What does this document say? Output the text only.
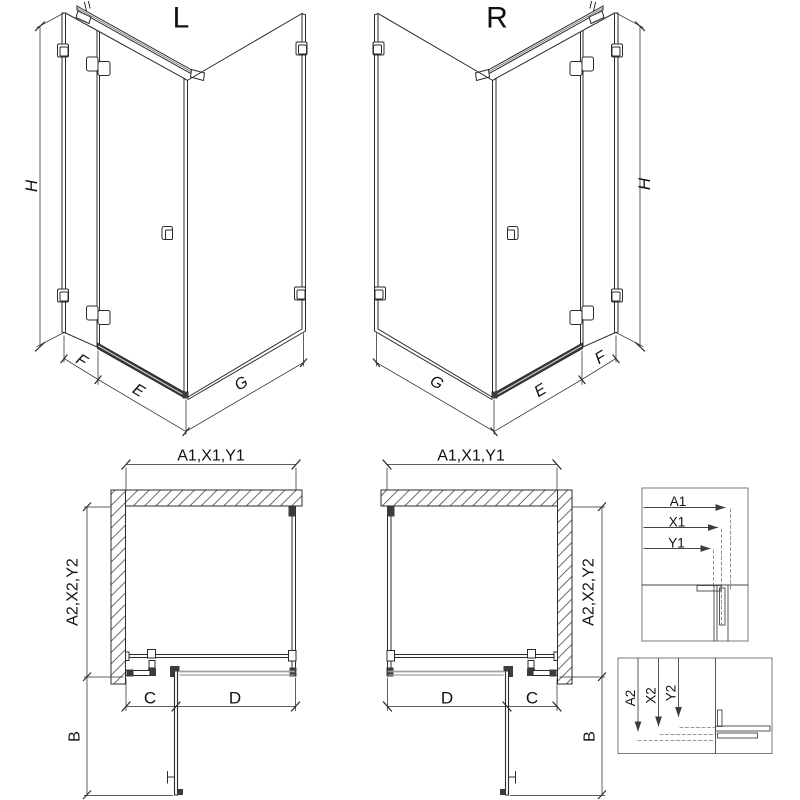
L
H
F
E	G
R
H
G	E
F
A1,X1,Y1
A2,X2,Y2
B
C	D
A1,X1,Y1
A2,X2,Y2
B
D	C
A1
X1
Y1
A2 X2 Y2
